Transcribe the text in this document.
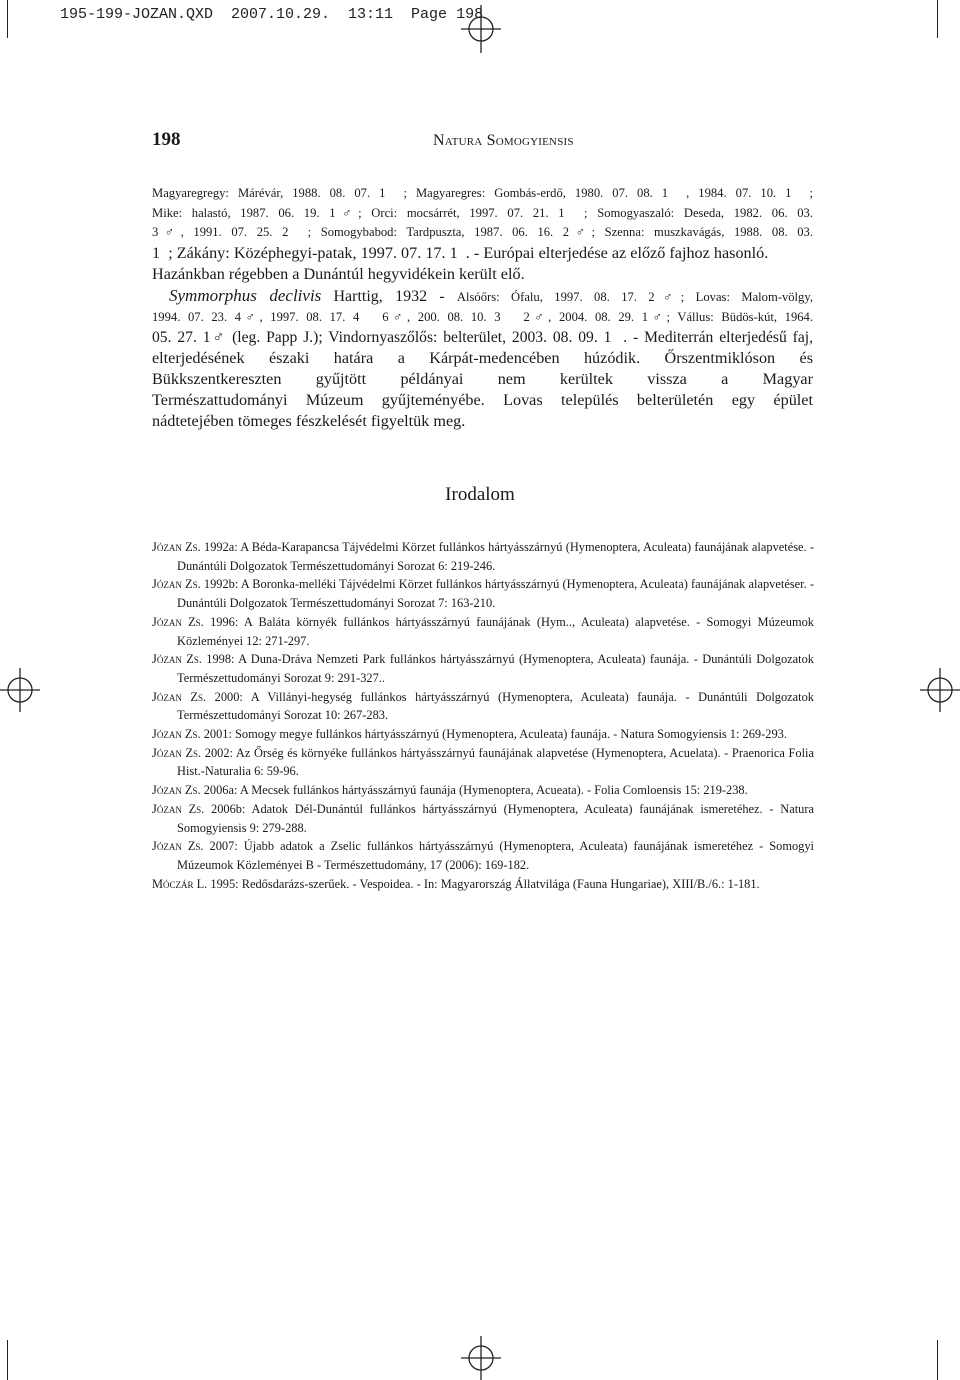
195-199-JOZAN.QXD  2007.10.29.  13:11  Page 198
198	Natura Somogyiensis
Magyaregregy: Márévár, 1988. 08. 07. 1  ; Magyaregres: Gombás-erdő, 1980. 07. 08. 1  , 1984. 07. 10. 1  ;
Mike: halastó, 1987. 06. 19. 1♂; Orci: mocsárrét, 1997. 07. 21. 1  ; Somogyaszaló: Deseda, 1982. 06. 03.
3♂, 1991. 07. 25. 2  ; Somogybabod: Tardpuszta, 1987. 06. 16. 2♂; Szenna: muszkavágás, 1988. 08. 03.
1  ; Zákány: Középhegyi-patak, 1997. 07. 17. 1  . - Európai elterjedése az előző fajhoz hasonló.
Hazánkban régebben a Dunántúl hegyvidékein került elő.
Symmorphus declivis Harttig, 1932 - Alsóőrs: Ófalu, 1997. 08. 17. 2♂; Lovas: Malom-völgy,
1994. 07. 23. 4♂, 1997. 08. 17. 4   6♂, 200. 08. 10. 3   2♂, 2004. 08. 29. 1♂; Vállus: Büdös-kút, 1964.
05. 27. 1♂ (leg. Papp J.); Vindornyaszőlős: belterület, 2003. 08. 09. 1  . - Mediterrán elterjedésű faj,
elterjedésének északi határa a Kárpát-medencében húzódik. Őrszentmiklóson és
Bükkszentkereszten gyűjtött példányai nem kerültek vissza a Magyar
Természattudományi Múzeum gyűjteményébe. Lovas település belterületén egy épület
nádtetejében tömeges fészkelését figyeltük meg.
Irodalom

Józan Zs. 1992a: A Béda-Karapancsa Tájvédelmi Körzet fullánkos hártyásszárnyú (Hymenoptera, Aculeata) faunájának alapvetése. - Dunántúli Dolgozatok Természettudományi Sorozat 6: 219-246.

Józan Zs. 1992b: A Boronka-melléki Tájvédelmi Körzet fullánkos hártyásszárnyú (Hymenoptera, Aculeata) faunájának alapvetéser. - Dunántúli Dolgozatok Természettudományi Sorozat 7: 163-210.

Józan Zs. 1996: A Baláta környék fullánkos hártyásszárnyú faunájának (Hym.., Aculeata) alapvetése. - Somogyi Múzeumok Közleményei 12: 271-297.

Józan Zs. 1998: A Duna-Dráva Nemzeti Park fullánkos hártyásszárnyú (Hymenoptera, Aculeata) faunája. - Dunántúli Dolgozatok Természettudományi Sorozat 9: 291-327..

Józan Zs. 2000: A Villányi-hegység fullánkos hártyásszárnyú (Hymenoptera, Aculeata) faunája. - Dunántúli Dolgozatok Természettudományi Sorozat 10: 267-283.

Józan Zs. 2001: Somogy megye fullánkos hártyásszárnyú (Hymenoptera, Aculeata) faunája. - Natura Somogyiensis 1: 269-293.

Józan Zs. 2002: Az Őrség és környéke fullánkos hártyásszárnyú faunájának alapvetése (Hymenoptera, Acuelata). - Praenorica Folia Hist.-Naturalia 6: 59-96.

Józan Zs. 2006a: A Mecsek fullánkos hártyásszárnyú faunája (Hymenoptera, Acueata). - Folia Comloensis 15: 219-238.

Józan Zs. 2006b: Adatok Dél-Dunántúl fullánkos hártyásszárnyú (Hymenoptera, Aculeata) faunájának ismeretéhez. - Natura Somogyiensis 9: 279-288.

Józan Zs. 2007: Újabb adatok a Zselic fullánkos hártyásszárnyú (Hymenoptera, Aculeata) faunájának ismeretéhez - Somogyi Múzeumok Közleményei B - Természettudomány, 17 (2006): 169-182.

Móczár L. 1995: Redősdarázs-szerűek. - Vespoidea. - In: Magyarország Állatvilága (Fauna Hungariae), XIII/B./6.: 1-181.
